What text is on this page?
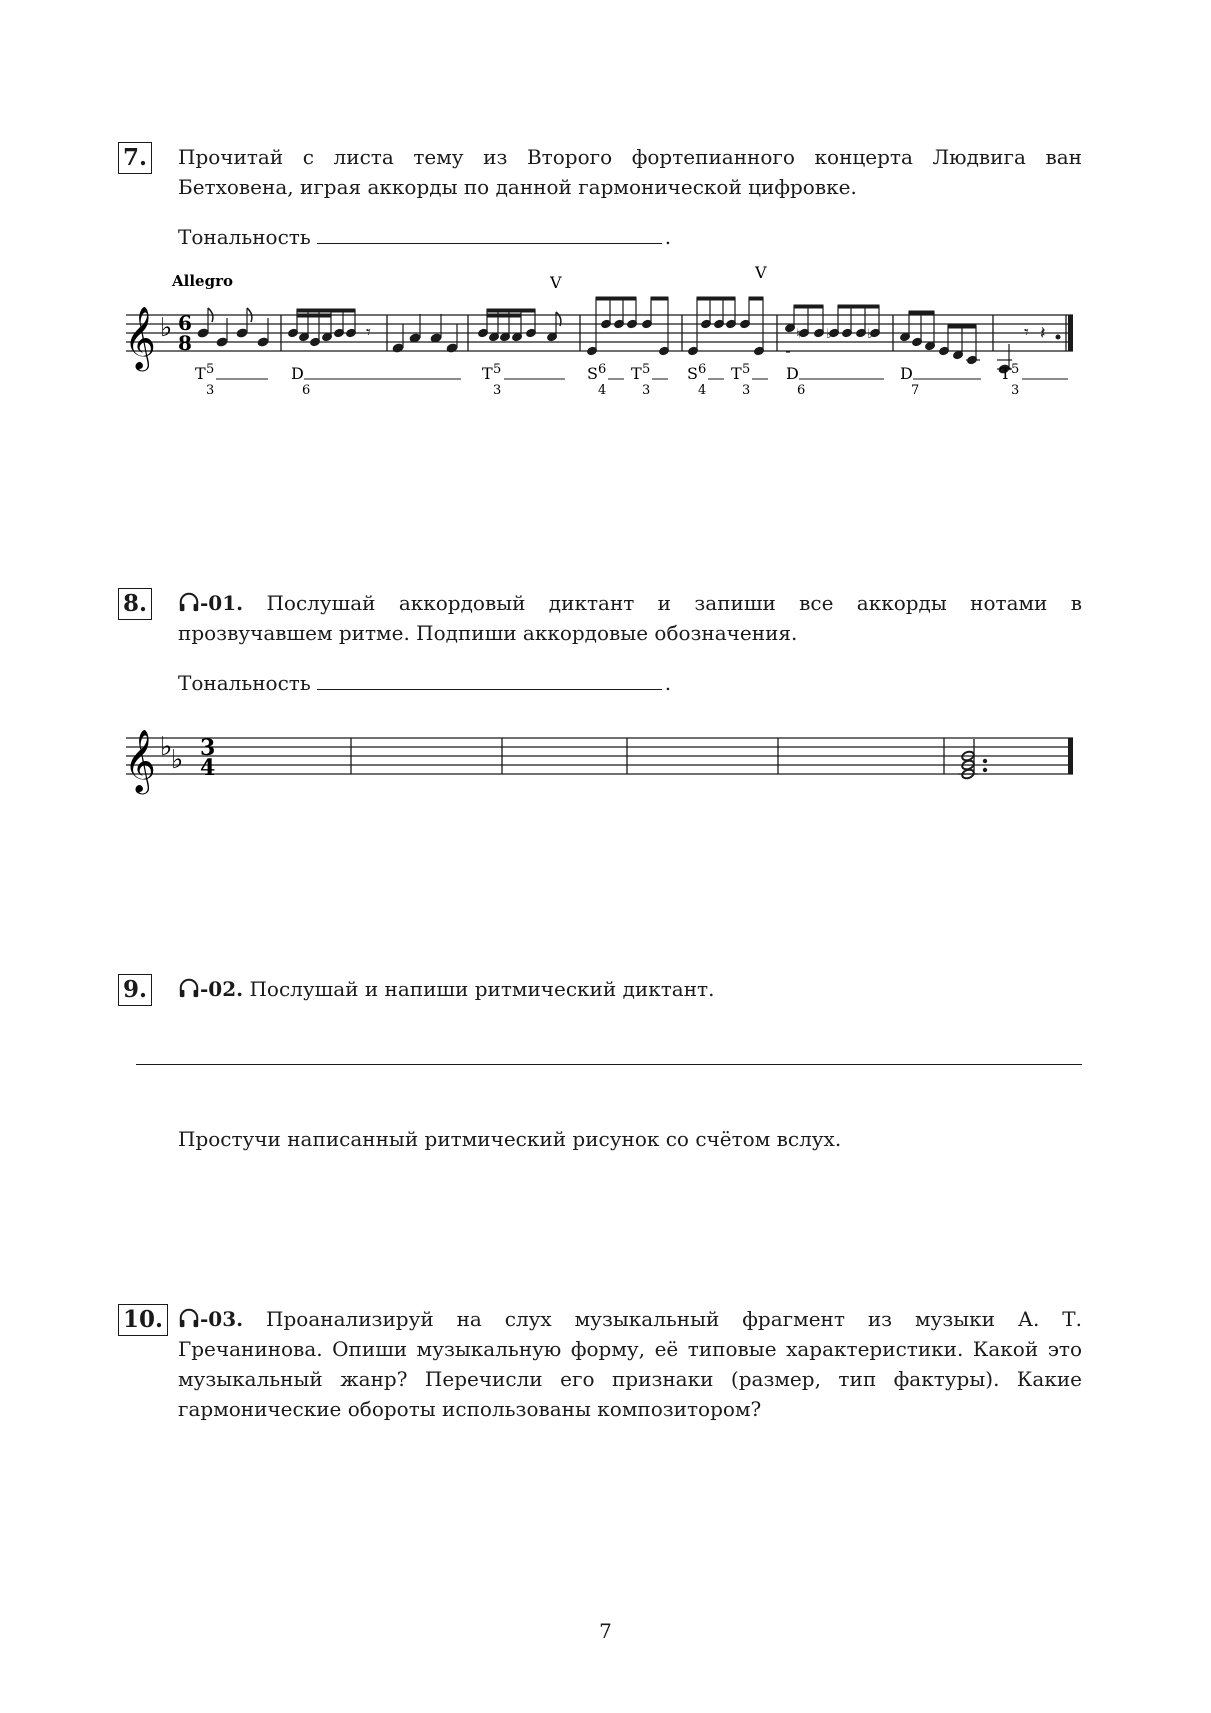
7. Прочитай с листа тему из Второго фортепианного концерта Людвига ван Бетховена, играя аккорды по данной гармонической цифровке.
Тональность	.
Allegro
𝄞 ♭ 6
8	𝄾	♮ ♭	♭	𝄾 𝄽
V
V
T 5
3
D
6
T 5
3
S 6
4
T 5
3
S 6
4
T 5
3
D
6
D
7
T 5
3
8.	-01. Послушай аккордовый диктант и запиши все аккорды нотами в прозвучавшем ритме. Подпиши аккордовые обозначения.
Тональность	.
𝄞 ♭
♭ 3
4
9.	-02. Послушай и напиши ритмический диктант.
Простучи написанный ритмический рисунок со счётом вслух.
10.	-03. Проанализируй на слух музыкальный фрагмент из музыки А. Т. Гречанинова. Опиши музыкальную форму, её типовые характеристики. Какой это музыкальный жанр? Перечисли его признаки (размер, тип фактуры). Какие гармонические обороты использованы композитором?
7
